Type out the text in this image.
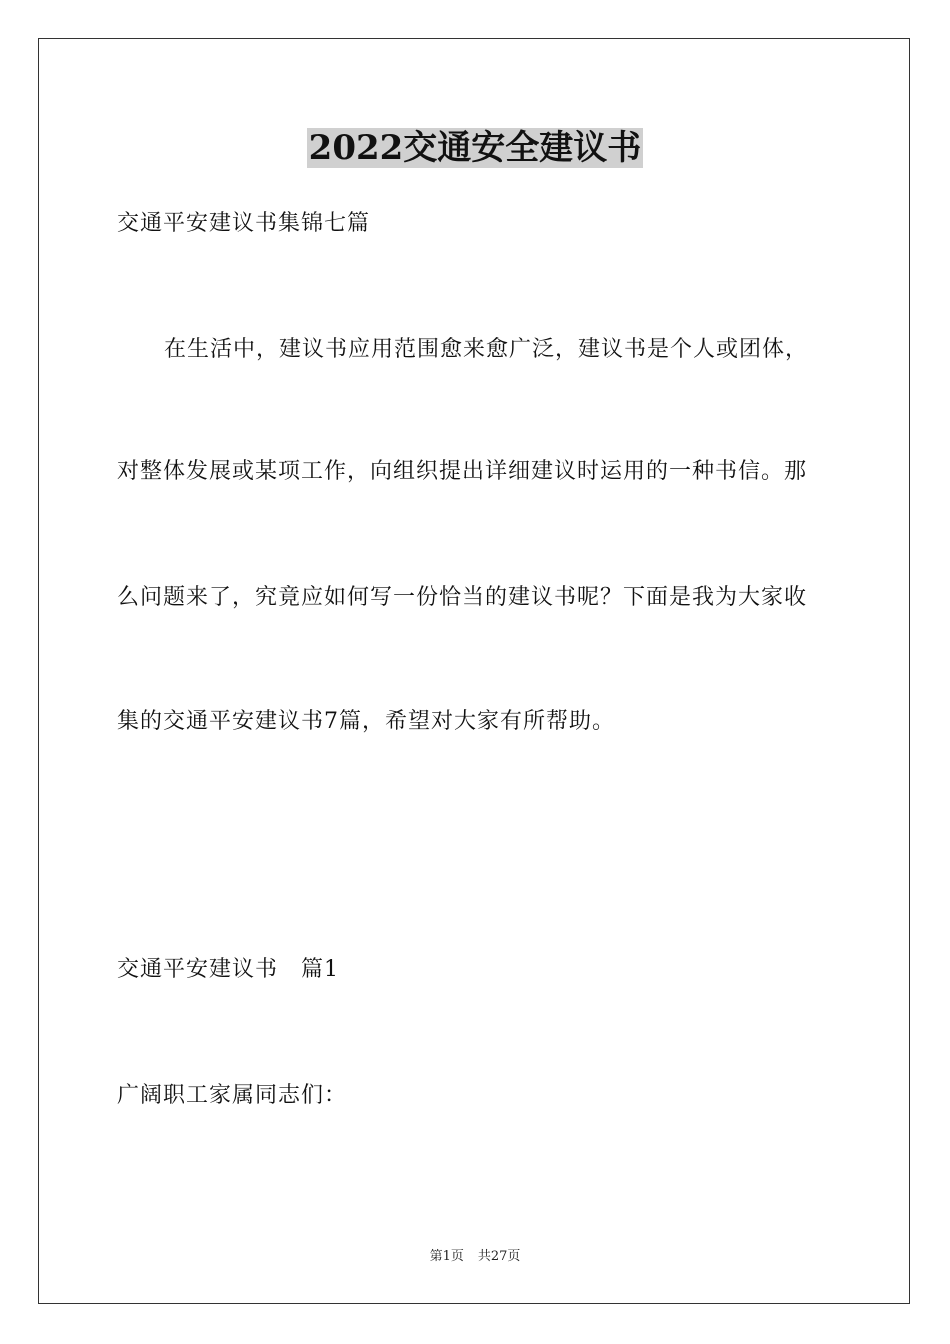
2022交通安全建议书
交通平安建议书集锦七篇
在生活中，建议书应用范围愈来愈广泛，建议书是个人或团体，
对整体发展或某项工作，向组织提出详细建议时运用的一种书信。那
么问题来了，究竟应如何写一份恰当的建议书呢？下面是我为大家收
集的交通平安建议书7篇，希望对大家有所帮助。
交通平安建议书　篇1
广阔职工家属同志们：
第1页 共27页
